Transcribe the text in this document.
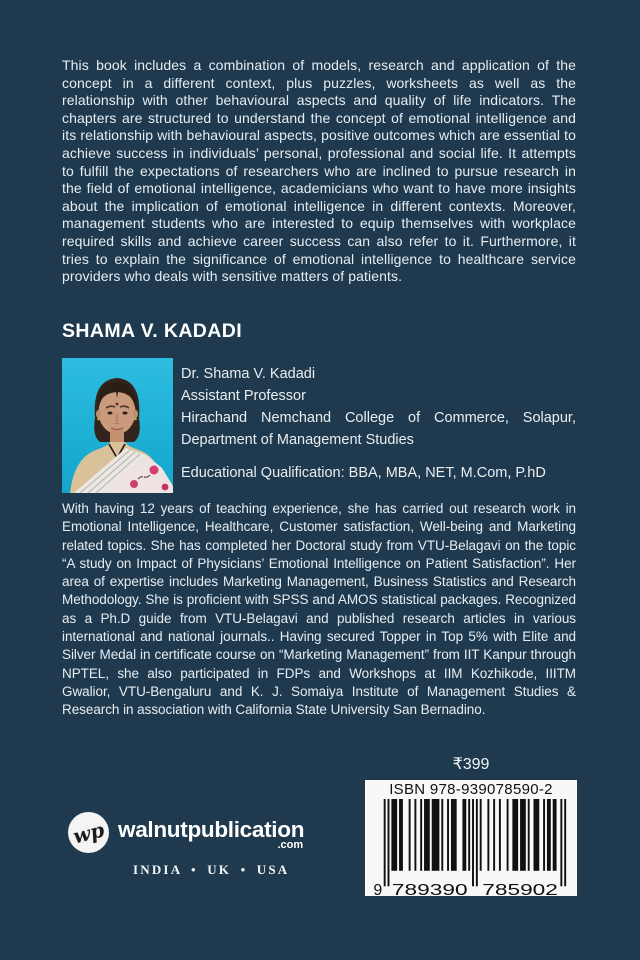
This book includes a combination of models, research and application of the concept in a different context, plus puzzles, worksheets as well as the relationship with other behavioural aspects and quality of life indicators. The chapters are structured to understand the concept of emotional intelligence and its relationship with behavioural aspects, positive outcomes which are essential to achieve success in individuals’ personal, professional and social life. It attempts to fulfill the expectations of researchers who are inclined to pursue research in the field of emotional intelligence, academicians who want to have more insights about the implication of emotional intelligence in different contexts. Moreover, management students who are interested to equip themselves with workplace required skills and achieve career success can also refer to it. Furthermore, it tries to explain the significance of emotional intelligence to healthcare service providers who deals with sensitive matters of patients.
SHAMA V. KADADI
Dr. Shama V. Kadadi
Assistant Professor
Hirachand Nemchand College of Commerce, Solapur, Department of Management Studies
Educational Qualification: BBA, MBA, NET, M.Com, P.hD
With having 12 years of teaching experience, she has carried out research work in Emotional Intelligence, Healthcare, Customer satisfaction, Well-being and Marketing related topics. She has completed her Doctoral study from VTU-Belagavi on the topic “A study on Impact of Physicians’ Emotional Intelligence on Patient Satisfaction”. Her area of expertise includes Marketing Management, Business Statistics and Research Methodology. She is proficient with SPSS and AMOS statistical packages. Recognized as a Ph.D guide from VTU-Belagavi and published research articles in various international and national journals.. Having secured Topper in Top 5% with Elite and Silver Medal in certificate course on “Marketing Management” from IIT Kanpur through NPTEL, she also participated in FDPs and Workshops at IIM Kozhikode, IIITM Gwalior, VTU-Bengaluru and K. J. Somaiya Institute of Management Studies & Research in association with California State University San Bernadino.
₹399
ISBN 978-939078590-2
9 789390 785902
wp walnutpublication
.com
INDIA • UK • USA
